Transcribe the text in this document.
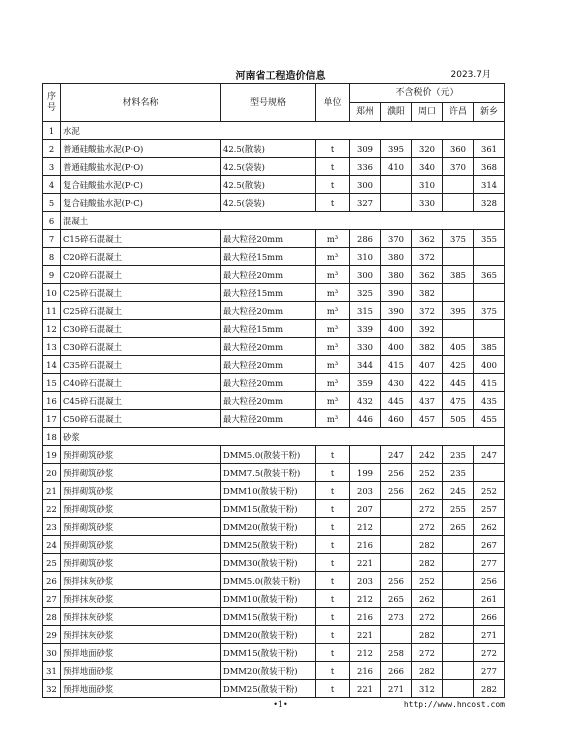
河南省工程造价信息	2023.7月
序号	材料名称	型号规格	单位	不含税价（元）				
				郑州	濮阳	周口	许昌	新乡
1	水泥							
2	普通硅酸盐水泥(P·O)	42.5(散装)	t	309	395	320	360	361
3	普通硅酸盐水泥(P·O)	42.5(袋装)	t	336	410	340	370	368
4	复合硅酸盐水泥(P·C)	42.5(散装)	t	300		310		314
5	复合硅酸盐水泥(P·C)	42.5(袋装)	t	327		330		328
6	混凝土							
7	C15碎石混凝土	最大粒径20mm	m³	286	370	362	375	355
8	C20碎石混凝土	最大粒径15mm	m³	310	380	372		
9	C20碎石混凝土	最大粒径20mm	m³	300	380	362	385	365
10	C25碎石混凝土	最大粒径15mm	m³	325	390	382		
11	C25碎石混凝土	最大粒径20mm	m³	315	390	372	395	375
12	C30碎石混凝土	最大粒径15mm	m³	339	400	392		
13	C30碎石混凝土	最大粒径20mm	m³	330	400	382	405	385
14	C35碎石混凝土	最大粒径20mm	m³	344	415	407	425	400
15	C40碎石混凝土	最大粒径20mm	m³	359	430	422	445	415
16	C45碎石混凝土	最大粒径20mm	m³	432	445	437	475	435
17	C50碎石混凝土	最大粒径20mm	m³	446	460	457	505	455
18	砂浆							
19	预拌砌筑砂浆	DMM5.0(散装干粉)	t		247	242	235	247
20	预拌砌筑砂浆	DMM7.5(散装干粉)	t	199	256	252	235	
21	预拌砌筑砂浆	DMM10(散装干粉)	t	203	256	262	245	252
22	预拌砌筑砂浆	DMM15(散装干粉)	t	207		272	255	257
23	预拌砌筑砂浆	DMM20(散装干粉)	t	212		272	265	262
24	预拌砌筑砂浆	DMM25(散装干粉)	t	216		282		267
25	预拌砌筑砂浆	DMM30(散装干粉)	t	221		282		277
26	预拌抹灰砂浆	DMM5.0(散装干粉)	t	203	256	252		256
27	预拌抹灰砂浆	DMM10(散装干粉)	t	212	265	262		261
28	预拌抹灰砂浆	DMM15(散装干粉)	t	216	273	272		266
29	预拌抹灰砂浆	DMM20(散装干粉)	t	221		282		271
30	预拌地面砂浆	DMM15(散装干粉)	t	212	258	272		272
31	预拌地面砂浆	DMM20(散装干粉)	t	216	266	282		277
32	预拌地面砂浆	DMM25(散装干粉)	t	221	271	312		282
•1•	http://www.hncost.com
